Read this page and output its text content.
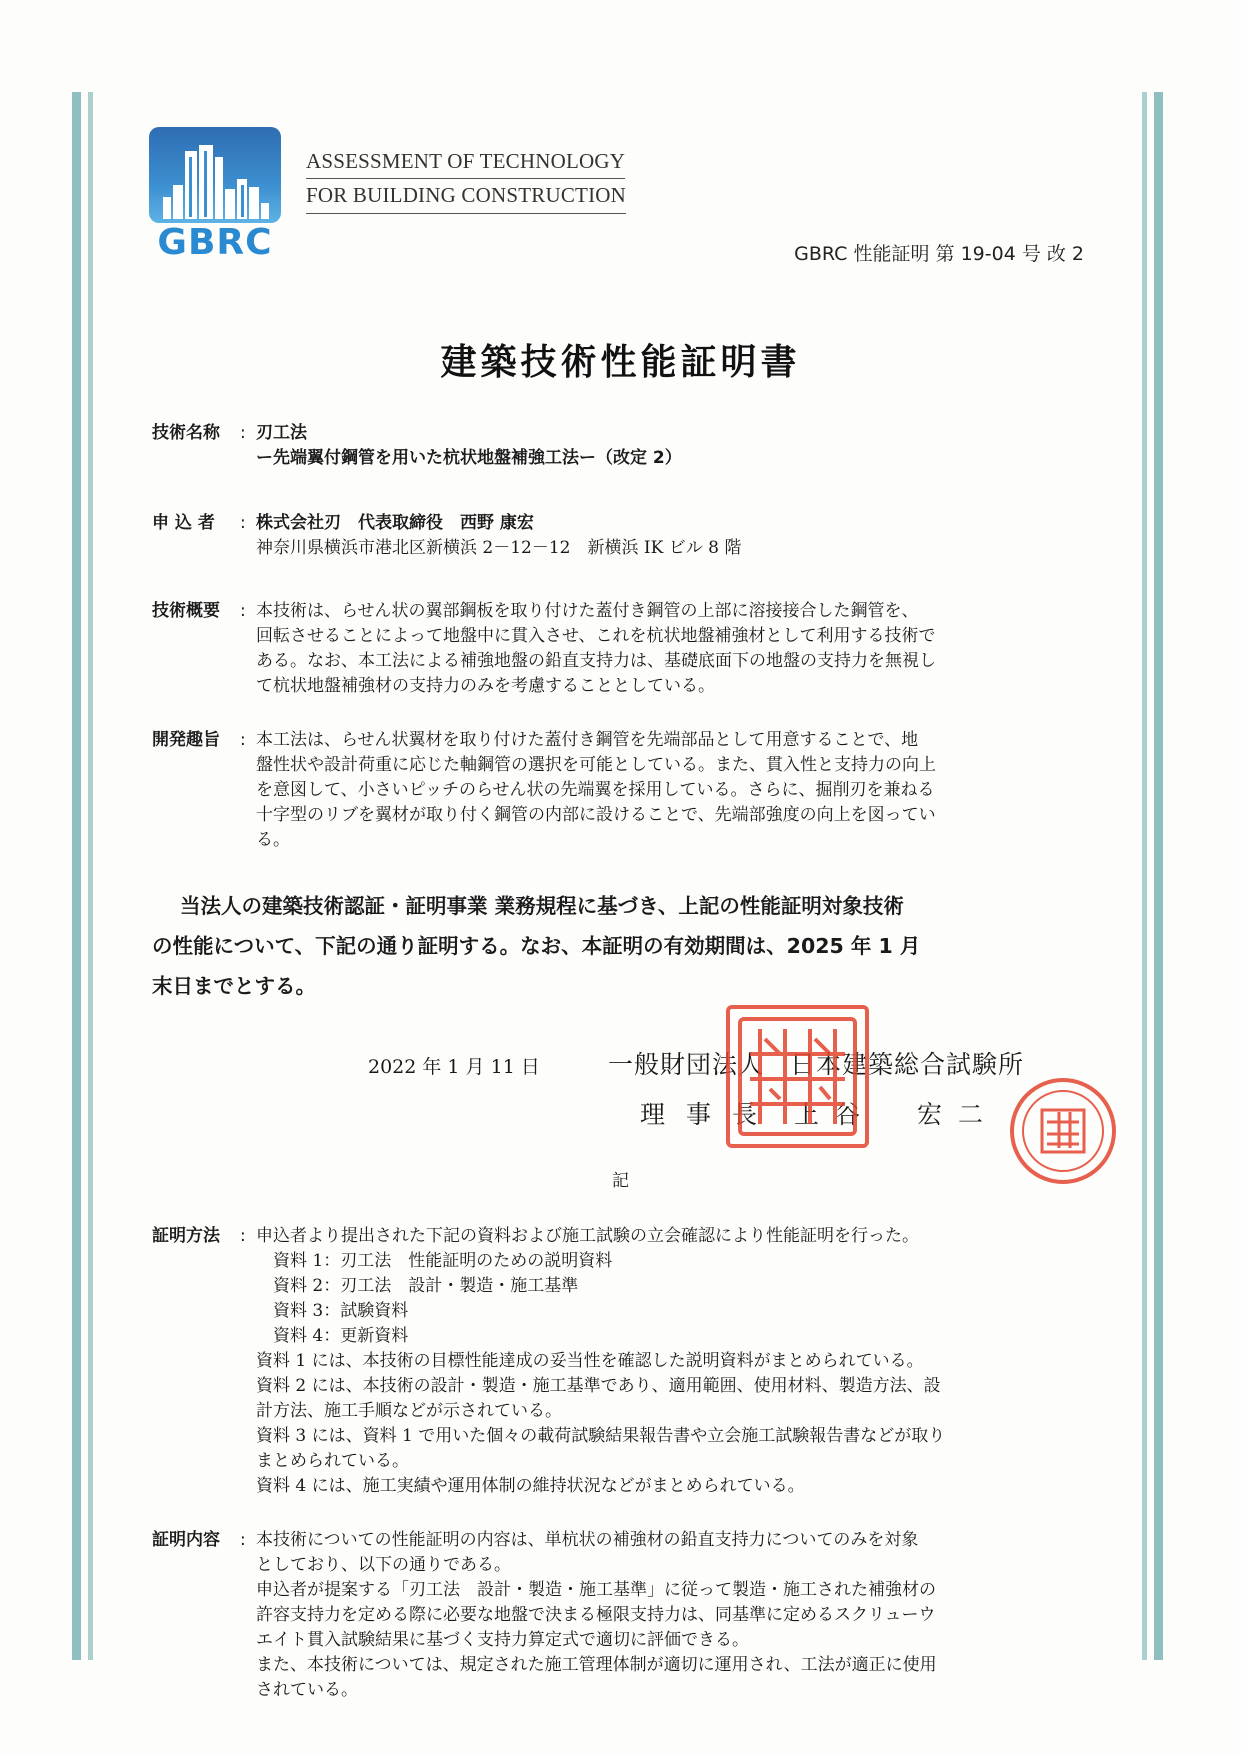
GBRC
ASSESSMENT OF TECHNOLOGY
FOR BUILDING CONSTRUCTION
GBRC 性能証明 第 19-04 号 改 2
建築技術性能証明書
技術名称	: 刃工法
ー先端翼付鋼管を用いた杭状地盤補強工法ー（改定 2）
申 込 者	: 株式会社刃　代表取締役　西野 康宏
神奈川県横浜市港北区新横浜 2－12－12　新横浜 IK ビル 8 階
技術概要	: 本技術は、らせん状の翼部鋼板を取り付けた蓋付き鋼管の上部に溶接接合した鋼管を、
回転させることによって地盤中に貫入させ、これを杭状地盤補強材として利用する技術で
ある。なお、本工法による補強地盤の鉛直支持力は、基礎底面下の地盤の支持力を無視し
て杭状地盤補強材の支持力のみを考慮することとしている。
開発趣旨	: 本工法は、らせん状翼材を取り付けた蓋付き鋼管を先端部品として用意することで、地
盤性状や設計荷重に応じた軸鋼管の選択を可能としている。また、貫入性と支持力の向上
を意図して、小さいピッチのらせん状の先端翼を採用している。さらに、掘削刃を兼ねる
十字型のリブを翼材が取り付く鋼管の内部に設けることで、先端部強度の向上を図ってい
る。
当法人の建築技術認証・証明事業 業務規程に基づき、上記の性能証明対象技術
の性能について、下記の通り証明する。なお、本証明の有効期間は、2025 年 1 月
末日までとする。
2022 年 1 月 11 日	一般財団法人　日本建築総合試験所
理 事 長 上谷　宏二
記
証明方法	: 申込者より提出された下記の資料および施工試験の立会確認により性能証明を行った。
　資料 1：刃工法　性能証明のための説明資料
　資料 2：刃工法　設計・製造・施工基準
　資料 3：試験資料
　資料 4：更新資料
資料 1 には、本技術の目標性能達成の妥当性を確認した説明資料がまとめられている。
資料 2 には、本技術の設計・製造・施工基準であり、適用範囲、使用材料、製造方法、設
計方法、施工手順などが示されている。
資料 3 には、資料 1 で用いた個々の載荷試験結果報告書や立会施工試験報告書などが取り
まとめられている。
資料 4 には、施工実績や運用体制の維持状況などがまとめられている。
証明内容	: 本技術についての性能証明の内容は、単杭状の補強材の鉛直支持力についてのみを対象
としており、以下の通りである。
申込者が提案する「刃工法　設計・製造・施工基準」に従って製造・施工された補強材の
許容支持力を定める際に必要な地盤で決まる極限支持力は、同基準に定めるスクリューウ
エイト貫入試験結果に基づく支持力算定式で適切に評価できる。
また、本技術については、規定された施工管理体制が適切に運用され、工法が適正に使用
されている。
